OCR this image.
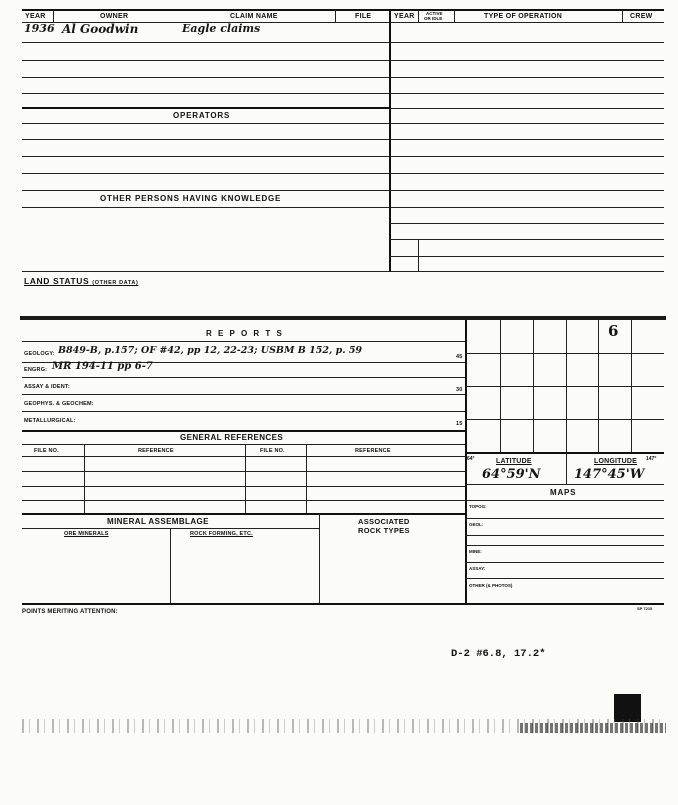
YEAR	OWNER	CLAIM NAME	FILE	YEAR	ACTIVE
OR IDLE	TYPE OF OPERATION	CREW
1936 Al Goodwin	Eagle claims
OPERATORS
OTHER PERSONS HAVING KNOWLEDGE
LAND STATUS (OTHER DATA)
R E P O R T S
GEOLOGY: B849-B, p.157; OF #42, pp 12, 22-23; USBM B 152, p. 59
45
ENGRG: MR 194-11 pp 6-7
ASSAY & IDENT:	30
GEOPHYS. & GEOCHEM:
METALLURGICAL:	15
GENERAL REFERENCES
FILE NO.	REFERENCE	FILE NO.	REFERENCE
MINERAL ASSEMBLAGE
ORE MINERALS	ROCK FORMING, ETC.
ASSOCIATED
ROCK TYPES
6
64°	LATITUDE	LONGITUDE 147°
64°59'N	147°45'W
MAPS
TOPOG:
GEOL:
MINE:
ASSAY:
OTHER (& PHOTOS)
POINTS MERITING ATTENTION:
SP 7215
D-2 #6.8, 17.2*
